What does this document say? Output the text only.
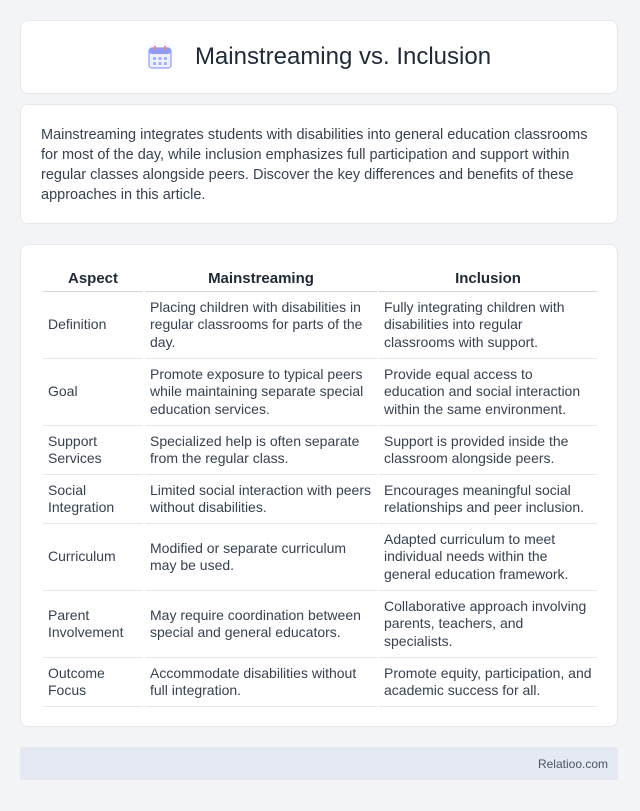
Mainstreaming vs. Inclusion

Mainstreaming integrates students with disabilities into general education classrooms for most of the day, while inclusion emphasizes full participation and support within regular classes alongside peers. Discover the key differences and benefits of these approaches in this article.

Aspect	Mainstreaming	Inclusion
Definition	Placing children with disabilities in regular classrooms for parts of the day.	Fully integrating children with disabilities into regular classrooms with support.
Goal	Promote exposure to typical peers while maintaining separate special education services.	Provide equal access to education and social interaction within the same environment.
Support Services	Specialized help is often separate from the regular class.	Support is provided inside the classroom alongside peers.
Social Integration	Limited social interaction with peers without disabilities.	Encourages meaningful social relationships and peer inclusion.
Curriculum	Modified or separate curriculum may be used.	Adapted curriculum to meet individual needs within the general education framework.
Parent Involvement	May require coordination between special and general educators.	Collaborative approach involving parents, teachers, and specialists.
Outcome Focus	Accommodate disabilities without full integration.	Promote equity, participation, and academic success for all.
Relatioo.com
